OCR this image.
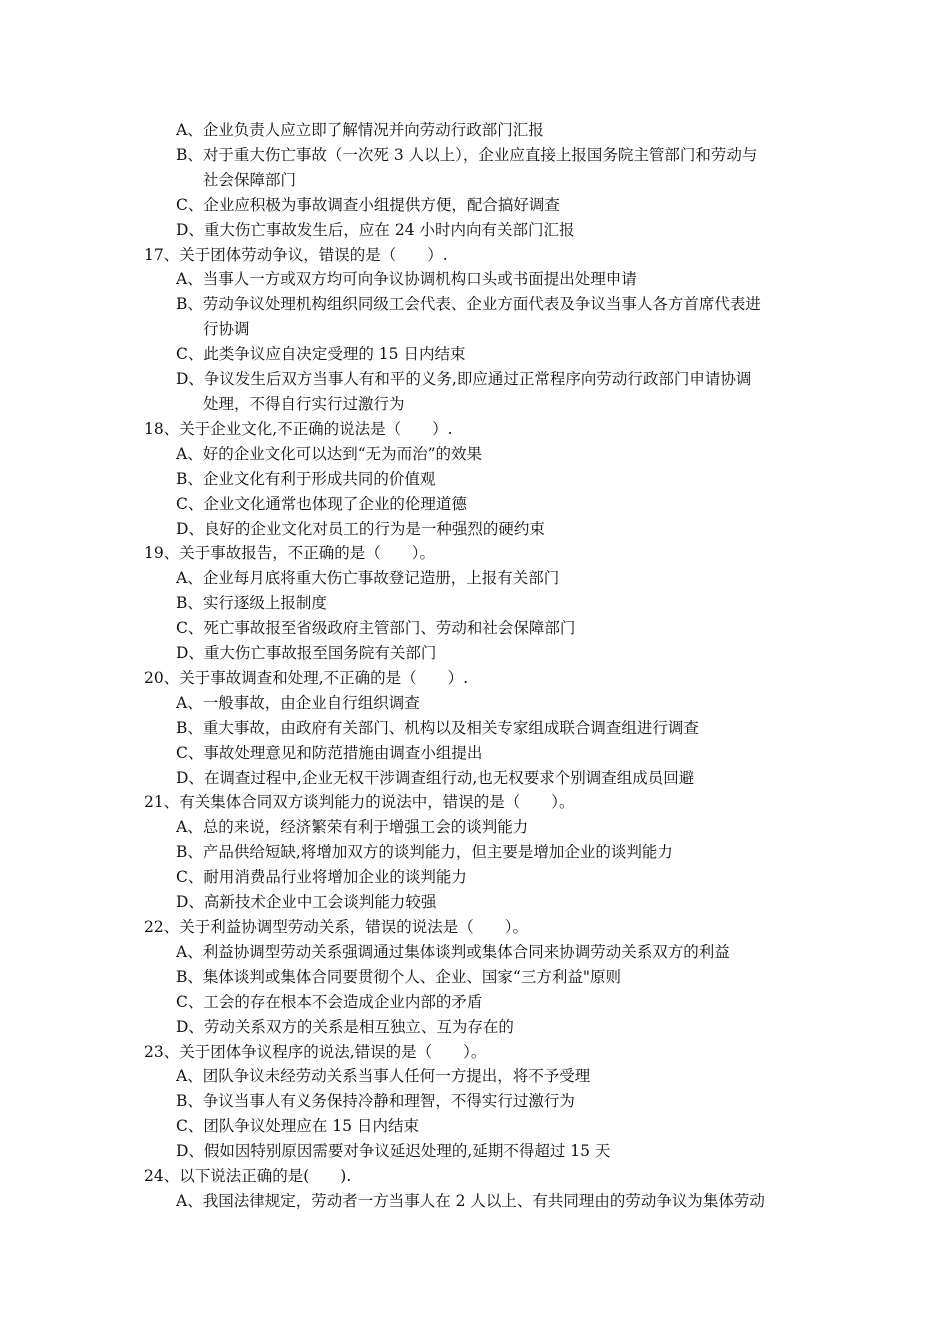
A、企业负责人应立即了解情况并向劳动行政部门汇报
B、对于重大伤亡事故（一次死 3 人以上），企业应直接上报国务院主管部门和劳动与
社会保障部门
C、企业应积极为事故调查小组提供方便，配合搞好调查
D、重大伤亡事故发生后，应在 24 小时内向有关部门汇报
17、关于团体劳动争议，错误的是（　　）.
A、当事人一方或双方均可向争议协调机构口头或书面提出处理申请
B、劳动争议处理机构组织同级工会代表、企业方面代表及争议当事人各方首席代表进
行协调
C、此类争议应自决定受理的 15 日内结束
D、争议发生后双方当事人有和平的义务,即应通过正常程序向劳动行政部门申请协调
处理，不得自行实行过激行为
18、关于企业文化,不正确的说法是（　　）.
A、好的企业文化可以达到“无为而治”的效果
B、企业文化有利于形成共同的价值观
C、企业文化通常也体现了企业的伦理道德
D、良好的企业文化对员工的行为是一种强烈的硬约束
19、关于事故报告，不正确的是（　　）。
A、企业每月底将重大伤亡事故登记造册，上报有关部门
B、实行逐级上报制度
C、死亡事故报至省级政府主管部门、劳动和社会保障部门
D、重大伤亡事故报至国务院有关部门
20、关于事故调查和处理,不正确的是（　　）.
A、一般事故，由企业自行组织调查
B、重大事故，由政府有关部门、机构以及相关专家组成联合调查组进行调查
C、事故处理意见和防范措施由调查小组提出
D、在调查过程中,企业无权干涉调查组行动,也无权要求个别调查组成员回避
21、有关集体合同双方谈判能力的说法中，错误的是（　　）。
A、总的来说，经济繁荣有利于增强工会的谈判能力
B、产品供给短缺,将增加双方的谈判能力，但主要是增加企业的谈判能力
C、耐用消费品行业将增加企业的谈判能力
D、高新技术企业中工会谈判能力较强
22、关于利益协调型劳动关系，错误的说法是（　　）。
A、利益协调型劳动关系强调通过集体谈判或集体合同来协调劳动关系双方的利益
B、集体谈判或集体合同要贯彻个人、企业、国家“三方利益"原则
C、工会的存在根本不会造成企业内部的矛盾
D、劳动关系双方的关系是相互独立、互为存在的
23、关于团体争议程序的说法,错误的是（　　）。
A、团队争议未经劳动关系当事人任何一方提出，将不予受理
B、争议当事人有义务保持冷静和理智，不得实行过激行为
C、团队争议处理应在 15 日内结束
D、假如因特别原因需要对争议延迟处理的,延期不得超过 15 天
24、以下说法正确的是(　　).
A、我国法律规定，劳动者一方当事人在 2 人以上、有共同理由的劳动争议为集体劳动
